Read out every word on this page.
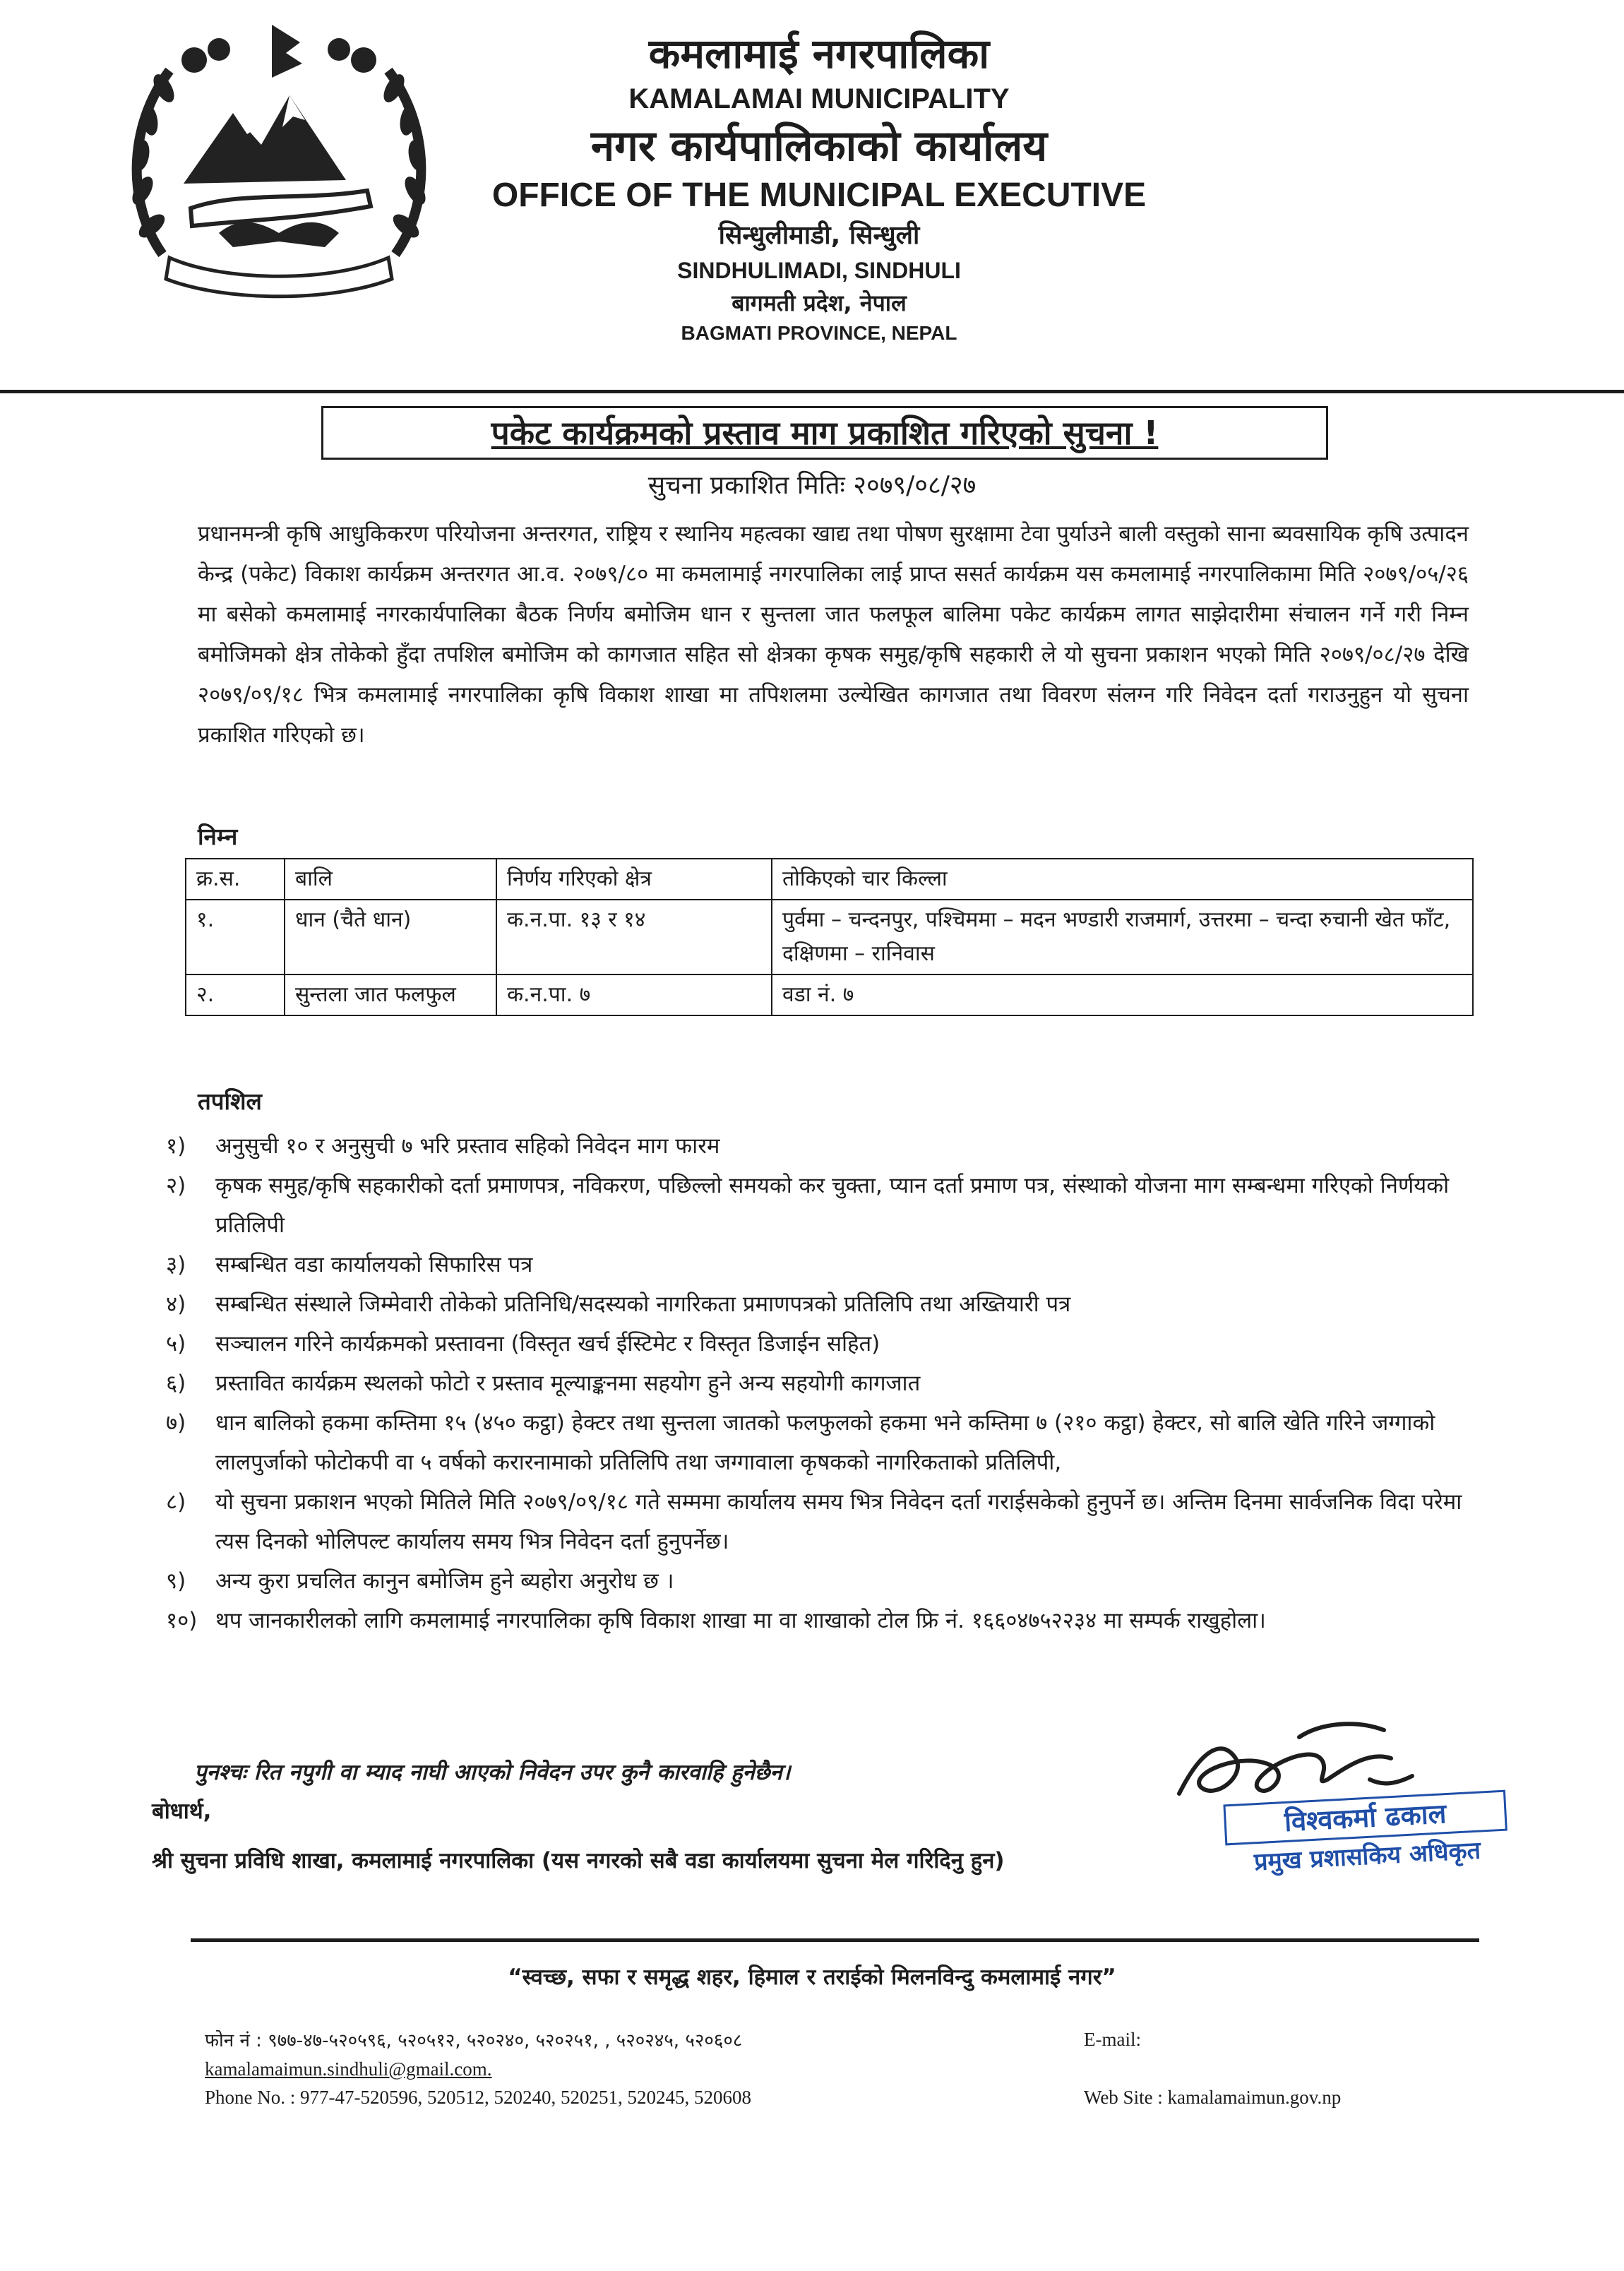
कमलामाई नगरपालिका
KAMALAMAI MUNICIPALITY
नगर कार्यपालिकाको कार्यालय
OFFICE OF THE MUNICIPAL EXECUTIVE
सिन्धुलीमाडी, सिन्धुली
SINDHULIMADI, SINDHULI
बागमती प्रदेश, नेपाल
BAGMATI PROVINCE, NEPAL
पकेट कार्यक्रमको प्रस्ताव माग प्रकाशित गरिएको सुचना !
सुचना प्रकाशित मितिः २०७९/०८/२७
प्रधानमन्त्री कृषि आधुकिकरण परियोजना अन्तरगत, राष्ट्रिय र स्थानिय महत्वका खाद्य तथा पोषण सुरक्षामा टेवा पुर्याउने बाली वस्तुको साना ब्यवसायिक कृषि उत्पादन केन्द्र (पकेट) विकाश कार्यक्रम अन्तरगत आ.व. २०७९/८० मा कमलामाई नगरपालिका लाई प्राप्त ससर्त कार्यक्रम यस कमलामाई नगरपालिकामा मिति २०७९/०५/२६ मा बसेको कमलामाई नगरकार्यपालिका बैठक निर्णय बमोजिम धान र सुन्तला जात फलफूल बालिमा पकेट कार्यक्रम लागत साझेदारीमा संचालन गर्ने गरी निम्न बमोजिमको क्षेत्र तोकेको हुँदा तपशिल बमोजिम को कागजात सहित सो क्षेत्रका कृषक समुह/कृषि सहकारी ले यो सुचना प्रकाशन भएको मिति २०७९/०८/२७ देखि २०७९/०९/१८ भित्र कमलामाई नगरपालिका कृषि विकाश शाखा मा तपिशलमा उल्येखित कागजात तथा विवरण संलग्न गरि निवेदन दर्ता गराउनुहुन यो सुचना प्रकाशित गरिएको छ।
निम्न
क्र.स.	बालि	निर्णय गरिएको क्षेत्र	तोकिएको चार किल्ला
१.	धान (चैते धान)	क.न.पा. १३ र १४	पुर्वमा – चन्दनपुर, पश्चिममा – मदन भण्डारी राजमार्ग, उत्तरमा – चन्दा रुचानी खेत फाँट, दक्षिणमा – रानिवास
२.	सुन्तला जात फलफुल	क.न.पा. ७	वडा नं. ७
तपशिल
१)	अनुसुची १० र अनुसुची ७ भरि प्रस्ताव सहिको निवेदन माग फारम
२)	कृषक समुह/कृषि सहकारीको दर्ता प्रमाणपत्र, नविकरण, पछिल्लो समयको कर चुक्ता, प्यान दर्ता प्रमाण पत्र, संस्थाको योजना माग सम्बन्धमा गरिएको निर्णयको प्रतिलिपी
३)	सम्बन्धित वडा कार्यालयको सिफारिस पत्र
४)	सम्बन्धित संस्थाले जिम्मेवारी तोकेको प्रतिनिधि/सदस्यको नागरिकता प्रमाणपत्रको प्रतिलिपि तथा अख्तियारी पत्र
५)	सञ्चालन गरिने कार्यक्रमको प्रस्तावना (विस्तृत खर्च ईस्टिमेट र विस्तृत डिजाईन सहित)
६)	प्रस्तावित कार्यक्रम स्थलको फोटो र प्रस्ताव मूल्याङ्कनमा सहयोग हुने अन्य सहयोगी कागजात
७)	धान बालिको हकमा कम्तिमा १५ (४५० कट्ठा) हेक्टर तथा सुन्तला जातको फलफुलको हकमा भने कम्तिमा ७ (२१० कट्ठा) हेक्टर, सो बालि खेति गरिने जग्गाको लालपुर्जाको फोटोकपी वा ५ वर्षको करारनामाको प्रतिलिपि तथा जग्गावाला कृषकको नागरिकताको प्रतिलिपी,
८)	यो सुचना प्रकाशन भएको मितिले मिति २०७९/०९/१८ गते सम्ममा कार्यालय समय भित्र निवेदन दर्ता गराईसकेको हुनुपर्ने छ। अन्तिम दिनमा सार्वजनिक विदा परेमा त्यस दिनको भोलिपल्ट कार्यालय समय भित्र निवेदन दर्ता हुनुपर्नेछ।
९)	अन्य कुरा प्रचलित कानुन बमोजिम हुने ब्यहोरा अनुरोध छ ।
१०) थप जानकारीलको लागि कमलामाई नगरपालिका कृषि विकाश शाखा मा वा शाखाको टोल फ्रि नं. १६६०४७५२२३४ मा सम्पर्क राखुहोला।
पुनश्चः रित नपुगी वा म्याद नाघी आएको निवेदन उपर कुनै कारवाहि हुनेछैन।
बोधार्थ,
श्री सुचना प्रविधि शाखा, कमलामाई नगरपालिका (यस नगरको सबै वडा कार्यालयमा सुचना मेल गरिदिनु हुन)
विश्वकर्मा ढकाल
प्रमुख प्रशासकिय अधिकृत
“स्वच्छ, सफा र समृद्ध शहर, हिमाल र तराईको मिलनविन्दु कमलामाई नगर”
फोन नं : ९७७-४७-५२०५९६, ५२०५१२, ५२०२४०, ५२०२५१, , ५२०२४५, ५२०६०८
kamalamaimun.sindhuli@gmail.com.
Phone No. : 977-47-520596, 520512, 520240, 520251, 520245, 520608
E-mail:
Web Site : kamalamaimun.gov.np
